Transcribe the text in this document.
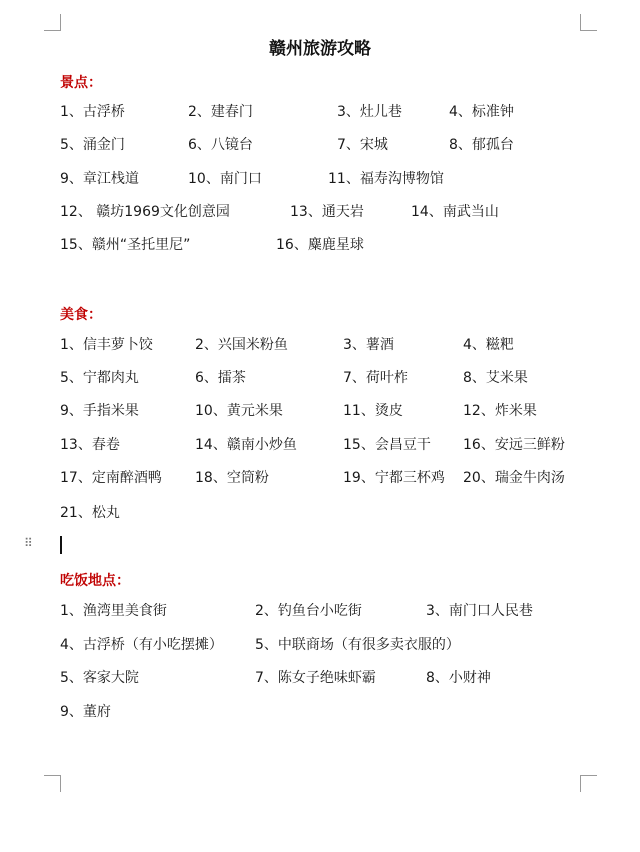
赣州旅游攻略
景点：
1、古浮桥	2、建春门	3、灶儿巷	4、标准钟
5、涌金门	6、八镜台	7、宋城	8、郁孤台
9、章江栈道	10、南门口	11、福寿沟博物馆
12、 赣坊1969文化创意园	13、通天岩	14、南武当山
15、赣州“圣托里尼”	16、麋鹿星球
美食：
1、信丰萝卜饺	2、兴国米粉鱼	3、薯酒	4、糍粑
5、宁都肉丸	6、擂茶	7、荷叶柞	8、艾米果
9、手指米果	10、黄元米果	11、烫皮	12、炸米果
13、春卷	14、赣南小炒鱼	15、会昌豆干 16、安远三鲜粉
17、定南醉酒鸭 18、空筒粉	19、宁都三杯鸡 20、瑞金牛肉汤
21、松丸
⠿
吃饭地点：
1、渔湾里美食街	2、钓鱼台小吃街	3、南门口人民巷
4、古浮桥（有小吃摆摊） 5、中联商场（有很多卖衣服的）
5、客家大院	7、陈女子绝味虾霸	8、小财神
9、董府
